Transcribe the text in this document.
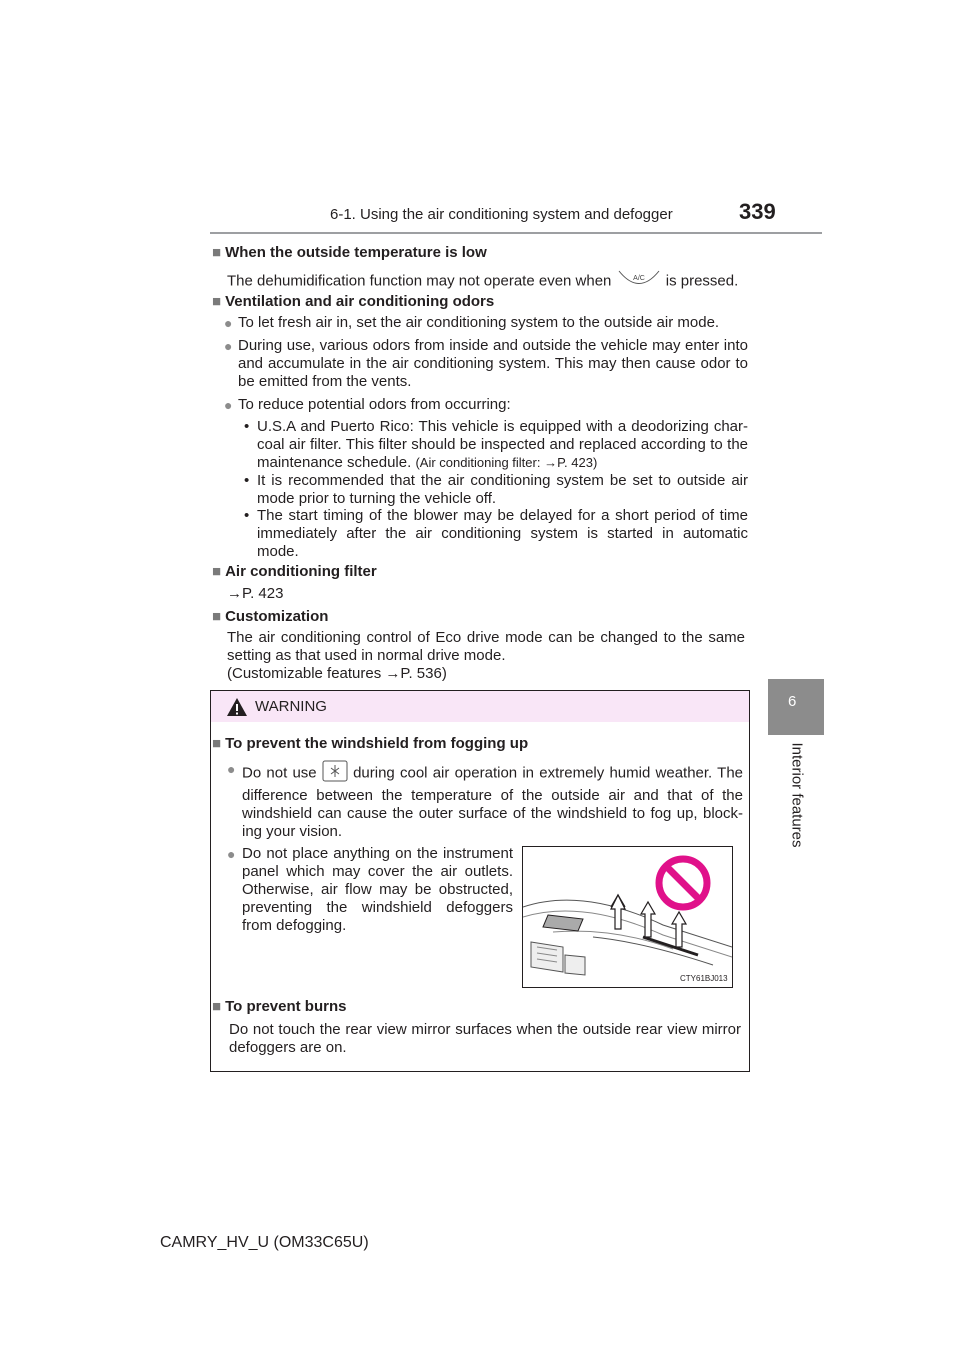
6-1. Using the air conditioning system and defogger	339
6
Interior features
■ When the outside temperature is low
The dehumidification function may not operate even when	A/C is pressed.
■ Ventilation and air conditioning odors
● To let fresh air in, set the air conditioning system to the outside air mode.
● During use, various odors from inside and outside the vehicle may enter into and accumulate in the air conditioning system. This may then cause odor to be emitted from the vents.
● To reduce potential odors from occurring:
• U.S.A and Puerto Rico: This vehicle is equipped with a deodorizing char-coal air filter. This filter should be inspected and replaced according to the maintenance schedule. (Air conditioning filter: →P. 423)
• It is recommended that the air conditioning system be set to outside air mode prior to turning the vehicle off.
• The start timing of the blower may be delayed for a short period of time immediately after the air conditioning system is started in automatic mode.
■ Air conditioning filter
→P. 423
■ Customization
The air conditioning control of Eco drive mode can be changed to the same setting as that used in normal drive mode.
(Customizable features →P. 536)
WARNING
■ To prevent the windshield from fogging up
● Do not use during cool air operation in extremely humid weather. The difference between the temperature of the outside air and that of the windshield can cause the outer surface of the windshield to fog up, block-ing your vision.
● Do not place anything on the instrument panel which may cover the air outlets. Otherwise, air flow may be obstructed, preventing the windshield defoggers from defogging.
CTY61BJ013
■ To prevent burns
Do not touch the rear view mirror surfaces when the outside rear view mirror defoggers are on.
CAMRY_HV_U (OM33C65U)
